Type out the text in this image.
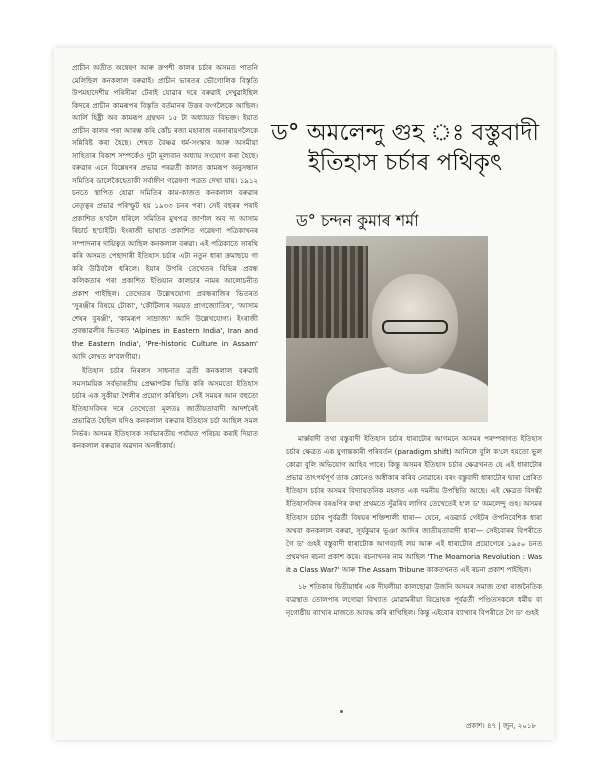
প্ৰাচীন অতীত অন্বেষণ আৰু ক্ৰপশী কালৰ চৰ্চাৰ অসমত পাতনি মেলিছিল কনকলাল বৰুৱাই। প্ৰাচীন ভাৰতৰ ভৌগোলিক বিস্তৃতি উপমহাদেশীয় পৰিসীমা টেৰাই যোৱাৰ দৰে বৰুৱাই দেখুৱাইছিল কিদৰে প্ৰাচীন কামৰূপৰ বিস্তৃতি বৰ্তমানৰ উত্তৰ বংগলৈকে আছিল। আৰ্লি হিষ্ট্ৰী অব কামৰূপ গ্ৰন্থখন ১৫ টা অধ্যায়ত বিভক্ত। ইয়াত প্ৰাচীন কালৰ পৰা আৰম্ভ কৰি কোঁচ ৰজা মহাৰাজ নৰনাৰায়ণলৈকে সন্নিবিষ্ট কৰা হৈছে। শেষত বৈষ্ণৱ ধৰ্ম-সংস্কাৰ আৰু অসমীয়া সাহিত্যৰ বিকাশ সম্পৰ্কেও দুটা মূল্যবান অধ্যায় সংযোগ কৰা হৈছে। বৰুৱাৰ এনে বিশ্লেষণৰ প্ৰভাৱ পৰৱৰ্তী কালত কামৰূপ অনুসন্ধান সমিতিৰ ডালেকৈহেতাকী সৰ্বাঙ্গীণ গৱেষণা পত্ৰত দেখা যায়। ১৯১২ চনতে স্থাপিত হোৱা সমিতিৰ কাম-কাজত কনকলাল বৰুৱাৰ নেতৃত্বৰ প্ৰভাৱ পৰিস্ফুট হয় ১৯৩৩ চনৰ পৰা। সেই বছৰৰ পৰাই প্ৰকাশিত হ'বলৈ ধৰিলে সমিতিৰ মুখপত্ৰ জাৰ্ণাল অব দ্য আসাম ৰিচাৰ্চ ছ'চাইটি। ইংৰাজী ভাষাত প্ৰকাশিত গৱেষণা পত্ৰিকাখনৰ সম্পাদনাৰ দায়িত্বত আছিল কনকলাল বৰুৱা। এই পত্ৰিকাতে সাৰথি কৰি অসমত পেছাদাৰী ইতিহাস চৰ্চাৰ এটা নতুন ধাৰা ক্ৰমাছয়ে গা কৰি উঠিবলৈ ধৰিলে। ইয়াৰ উপৰি তেখেতৰ বিভিন্ন প্ৰবন্ধ কলিকতাৰ পৰা প্ৰকাশিত ইণ্ডিয়ান কালচাৰ নামৰ আলোচনীত প্ৰকাশ পাইছিল। তেখেতৰ উল্লেখযোগ্য প্ৰবন্ধৰাজিৰ ভিতৰত 'সুৰঞ্জীৰ বিষয়ে টোকা', 'কৌটিল্যৰ সময়ত প্ৰাগজ্যোতিষ', 'আসাম শেষৰ বুৰঞ্জী', 'কামৰূপ সাম্ৰাজ্য' আদি উল্লেখযোগ্য। ইংৰাজী প্ৰবন্ধাৱলীৰ ভিতৰত 'Alpines in Eastern India', Iran and the Eastern India', 'Pre-historic Culture in Assam' আদি লেখত ল'বলগীয়া।

ইতিহাস চৰ্চাৰ নিৰলস সাধনাত ব্ৰতী কনকলাল বৰুৱাই সমসাময়িক সৰ্বভাৰতীয় প্ৰেক্ষাপটক ভিত্তি কৰি অসমতো ইতিহাস চৰ্চাৰ এক সুকীয়া শৈলীৰ প্ৰয়োগ কৰিছিল। সেই সময়ৰ আন বহুতো ইতিহাসবিদৰ দৰে তেখেতো মূলতঃ জাতীয়তাবাদী আদৰ্শৰেই প্ৰভাৱিত হৈছিল যদিও কনকলাল বৰুৱাৰ ইতিহাস চৰ্চা আছিল সমল নিৰ্ভৰ। অসমৰ ইতিহাসক সৰ্বভাৰতীয় পৰ্যায়ত পৰিচয় কৰাই দিয়াত কনকলাল বৰুৱাৰ অৱদান অনস্বীকাৰ্য।

ড° অমলেন্দু গুহ ঃ বস্তুবাদী
ইতিহাস চৰ্চাৰ পথিকৃৎ
ড° চন্দন কুমাৰ শৰ্মা

মাৰ্ক্সবাদী তথা বস্তুবাদী ইতিহাস চৰ্চাৰ ধাৰাটোৰ আগমনে অসমৰ পৰম্পৰাগত ইতিহাস চৰ্চাৰ ক্ষেত্ৰত এক যুগান্তকাৰী পৰিবৰ্তন (paradigm shift) আনিলে বুলি ক'লে হয়তো ভুল কোৱা বুলি অভিযোগ আহিব পাৰে। কিন্তু অসমৰ ইতিহাস চৰ্চাৰ ক্ষেত্ৰখনত যে এই ধাৰাটোৰ প্ৰভাৱ তাৎপৰ্যপূৰ্ণ তাক কোনেও অস্বীকাৰ কৰিব নোৱাৰে। বৰং বস্তুবাদী ধাৰাটোৰ দ্বাৰা প্ৰেৰিত ইতিহাস চৰ্চাৰ অসমৰ বিদ্যায়তনিক মহলত এক দমনীয় উপস্থিতি আছে। এই ক্ষেত্ৰত বিদগ্ধী ইতিহাসবিদৰ বৰঙণিৰ কথা প্ৰথমতে সুঁৱৰিব লাগিব তেখেতেই হ'ল ড' অমলেন্দু গুহ। অসমৰ ইতিহাস চৰ্চাৰ পুৰ্বৱৰ্তী বিষয়ৰ শক্তিশালী ধাৰা— যেনে, এডৱাৰ্ড গেইটৰ ঔপনিবেশিক ধাৰা অথবা কনকলাল বৰুৱা, সূৰ্যকুমাৰ ভূঞা আদিৰ জাতীয়তাবাদী ধাৰা— সেইবোৰৰ বিপৰীতে গৈ ড' গুহই বস্তুবাদী ধাৰাটোক আগবঢ়াই লয় আৰু এই ধাৰাটোৰ প্ৰয়োগেৰে ১৯৫০ চনত প্ৰথমখন ৰচনা প্ৰকাশ কৰে। ৰচনাখনৰ নাম আছিল 'The Moamoria Revolution : Was it a Class War?' আৰু The Assam Tribune কাকতখনত এই ৰচনা প্ৰকাশ পাইছিল।

১৮ শতিকাৰ দ্বিতীয়াৰ্ধৰ এক দীঘলীয়া কালছোৱা উজনি অসমৰ সমাজ তথা ৰাজনৈতিক ব্যৱস্থাত তোলপাৰ লগোৱা বিখ্যাত মোৱামৰীয়া বিদ্ৰোহক পূৰ্বৱৰ্তী পণ্ডিতসকলে ধৰ্মীয় বা নৃগোষ্ঠীয় ব্যাখ্যৰ মাজতে আবদ্ধ কৰি ৰাখিছিল। কিন্তু এইবোৰ ব্যাখ্যাৰ বিপৰীতে গৈ ড' গুহই

প্ৰকাশ। ৪৭ | জুন, ২০১৮
